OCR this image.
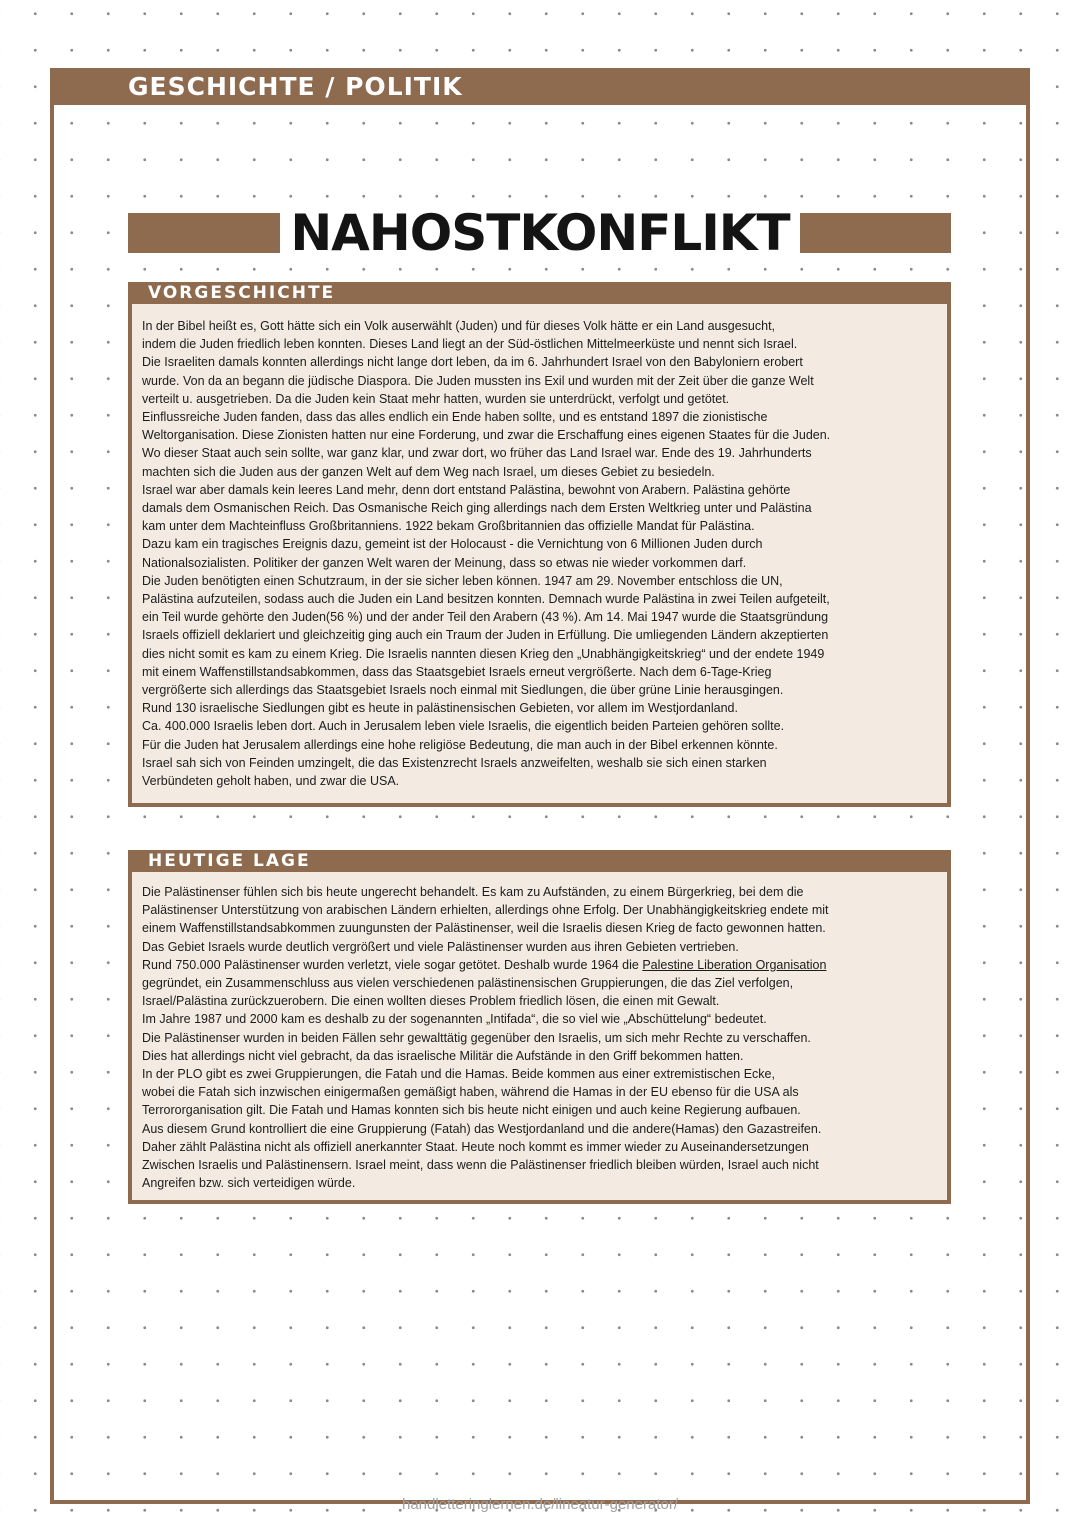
GESCHICHTE / POLITIK
NAHOSTKONFLIKT
VORGESCHICHTE

In der Bibel heißt es, Gott hätte sich ein Volk auserwählt (Juden) und für dieses Volk hätte er ein Land ausgesucht,

indem die Juden friedlich leben konnten. Dieses Land liegt an der Süd-östlichen Mittelmeerküste und nennt sich Israel.

Die Israeliten damals konnten allerdings nicht lange dort leben, da im 6. Jahrhundert Israel von den Babyloniern erobert

wurde. Von da an begann die jüdische Diaspora. Die Juden mussten ins Exil und wurden mit der Zeit über die ganze Welt

verteilt u. ausgetrieben. Da die Juden kein Staat mehr hatten, wurden sie unterdrückt, verfolgt und getötet.

Einflussreiche Juden fanden, dass das alles endlich ein Ende haben sollte, und es entstand 1897 die zionistische

Weltorganisation. Diese Zionisten hatten nur eine Forderung, und zwar die Erschaffung eines eigenen Staates für die Juden.

Wo dieser Staat auch sein sollte, war ganz klar, und zwar dort, wo früher das Land Israel war. Ende des 19. Jahrhunderts

machten sich die Juden aus der ganzen Welt auf dem Weg nach Israel, um dieses Gebiet zu besiedeln.

Israel war aber damals kein leeres Land mehr, denn dort entstand Palästina, bewohnt von Arabern. Palästina gehörte

damals dem Osmanischen Reich. Das Osmanische Reich ging allerdings nach dem Ersten Weltkrieg unter und Palästina

kam unter dem Machteinfluss Großbritanniens. 1922 bekam Großbritannien das offizielle Mandat für Palästina.

Dazu kam ein tragisches Ereignis dazu, gemeint ist der Holocaust - die Vernichtung von 6 Millionen Juden durch

Nationalsozialisten. Politiker der ganzen Welt waren der Meinung, dass so etwas nie wieder vorkommen darf.

Die Juden benötigten einen Schutzraum, in der sie sicher leben können. 1947 am 29. November entschloss die UN,

Palästina aufzuteilen, sodass auch die Juden ein Land besitzen konnten. Demnach wurde Palästina in zwei Teilen aufgeteilt,

ein Teil wurde gehörte den Juden(56 %) und der ander Teil den Arabern (43 %). Am 14. Mai 1947 wurde die Staatsgründung

Israels offiziell deklariert und gleichzeitig ging auch ein Traum der Juden in Erfüllung. Die umliegenden Ländern akzeptierten

dies nicht somit es kam zu einem Krieg. Die Israelis nannten diesen Krieg den „Unabhängigkeitskrieg“ und der endete 1949

mit einem Waffenstillstandsabkommen, dass das Staatsgebiet Israels erneut vergrößerte. Nach dem 6-Tage-Krieg

vergrößerte sich allerdings das Staatsgebiet Israels noch einmal mit Siedlungen, die über grüne Linie herausgingen.

Rund 130 israelische Siedlungen gibt es heute in palästinensischen Gebieten, vor allem im Westjordanland.

Ca. 400.000 Israelis leben dort. Auch in Jerusalem leben viele Israelis, die eigentlich beiden Parteien gehören sollte.

Für die Juden hat Jerusalem allerdings eine hohe religiöse Bedeutung, die man auch in der Bibel erkennen könnte.

Israel sah sich von Feinden umzingelt, die das Existenzrecht Israels anzweifelten, weshalb sie sich einen starken

Verbündeten geholt haben, und zwar die USA.

HEUTIGE LAGE

Die Palästinenser fühlen sich bis heute ungerecht behandelt. Es kam zu Aufständen, zu einem Bürgerkrieg, bei dem die

Palästinenser Unterstützung von arabischen Ländern erhielten, allerdings ohne Erfolg. Der Unabhängigkeitskrieg endete mit

einem Waffenstillstandsabkommen zuungunsten der Palästinenser, weil die Israelis diesen Krieg de facto gewonnen hatten.

Das Gebiet Israels wurde deutlich vergrößert und viele Palästinenser wurden aus ihren Gebieten vertrieben.

Rund 750.000 Palästinenser wurden verletzt, viele sogar getötet. Deshalb wurde 1964 die Palestine Liberation Organisation

gegründet, ein Zusammenschluss aus vielen verschiedenen palästinensischen Gruppierungen, die das Ziel verfolgen,

Israel/Palästina zurückzuerobern. Die einen wollten dieses Problem friedlich lösen, die einen mit Gewalt.

Im Jahre 1987 und 2000 kam es deshalb zu der sogenannten „Intifada“, die so viel wie „Abschüttelung“ bedeutet.

Die Palästinenser wurden in beiden Fällen sehr gewalttätig gegenüber den Israelis, um sich mehr Rechte zu verschaffen.

Dies hat allerdings nicht viel gebracht, da das israelische Militär die Aufstände in den Griff bekommen hatten.

In der PLO gibt es zwei Gruppierungen, die Fatah und die Hamas. Beide kommen aus einer extremistischen Ecke,

wobei die Fatah sich inzwischen einigermaßen gemäßigt haben, während die Hamas in der EU ebenso für die USA als

Terrororganisation gilt. Die Fatah und Hamas konnten sich bis heute nicht einigen und auch keine Regierung aufbauen.

Aus diesem Grund kontrolliert die eine Gruppierung (Fatah) das Westjordanland und die andere(Hamas) den Gazastreifen.

Daher zählt Palästina nicht als offiziell anerkannter Staat. Heute noch kommt es immer wieder zu Auseinandersetzungen

Zwischen Israelis und Palästinensern. Israel meint, dass wenn die Palästinenser friedlich bleiben würden, Israel auch nicht

Angreifen bzw. sich verteidigen würde.

handletteringlernen.de/lineatur-generator/
